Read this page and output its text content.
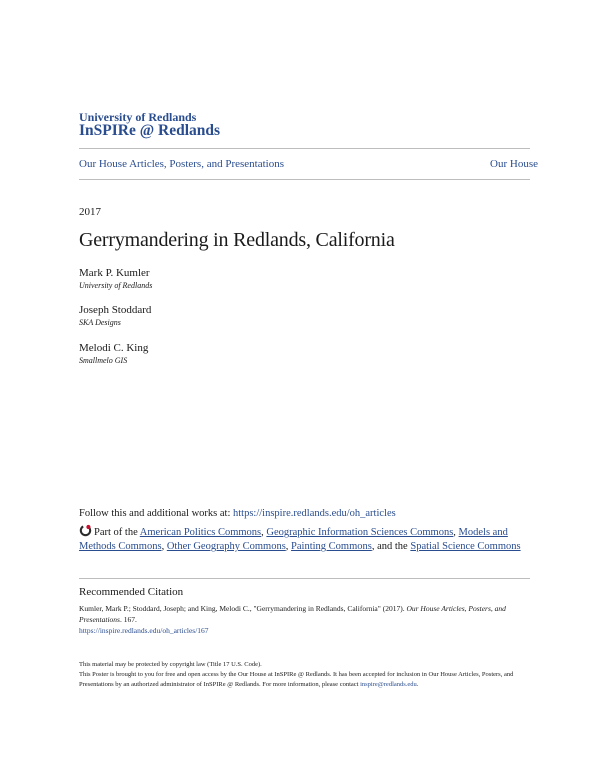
University of Redlands
InSPIRe @ Redlands
Our House Articles, Posters, and Presentations	Our House
2017
Gerrymandering in Redlands, California
Mark P. Kumler
University of Redlands
Joseph Stoddard
SKA Designs
Melodi C. King
Smallmelo GIS
Follow this and additional works at: https://inspire.redlands.edu/oh_articles
Part of the American Politics Commons, Geographic Information Sciences Commons, Models and Methods Commons, Other Geography Commons, Painting Commons, and the Spatial Science Commons
Recommended Citation
Kumler, Mark P.; Stoddard, Joseph; and King, Melodi C., "Gerrymandering in Redlands, California" (2017). Our House Articles, Posters, and Presentations. 167.
https://inspire.redlands.edu/oh_articles/167
This material may be protected by copyright law (Title 17 U.S. Code).
This Poster is brought to you for free and open access by the Our House at InSPIRe @ Redlands. It has been accepted for inclusion in Our House Articles, Posters, and Presentations by an authorized administrator of InSPIRe @ Redlands. For more information, please contact inspire@redlands.edu.
